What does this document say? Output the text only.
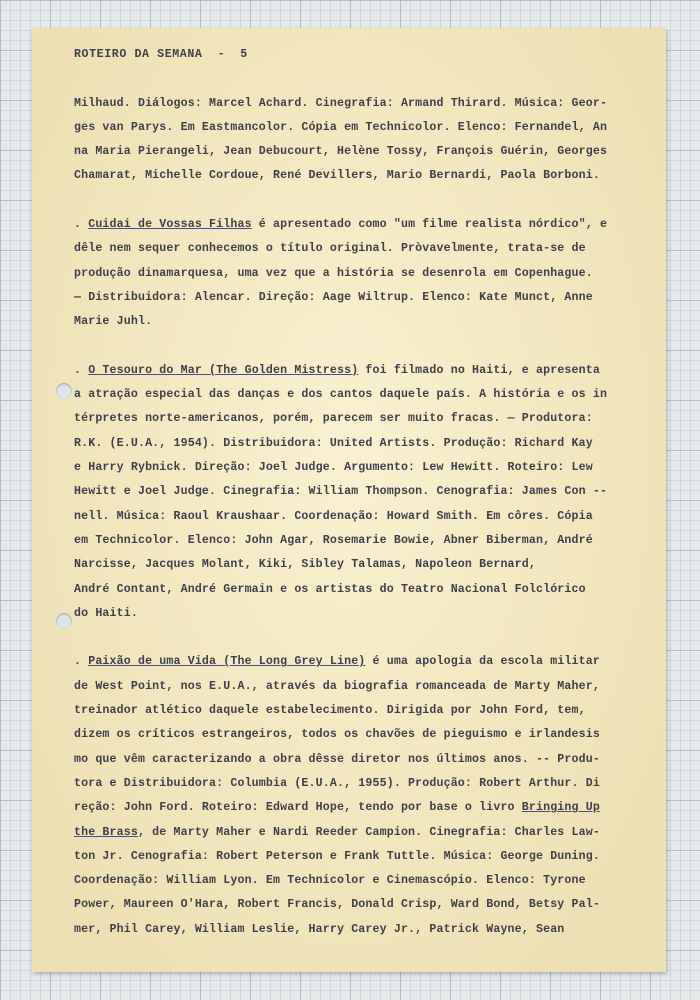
ROTEIRO DA SEMANA  -  5
Milhaud. Diálogos: Marcel Achard. Cinegrafia: Armand Thirard. Música: Geor-
ges van Parys. Em Eastmancolor. Cópia em Technicolor. Elenco: Fernandel, An
na Maria Pierangeli, Jean Debucourt, Helène Tossy, François Guérin, Georges
Chamarat, Michelle Cordoue, René Devillers, Mario Bernardi, Paola Borboni.
. Cuidai de Vossas Filhas é apresentado como "um filme realista nórdico", e
dêle nem sequer conhecemos o título original. Pròvavelmente, trata-se de
produção dinamarquesa, uma vez que a história se desenrola em Copenhague.
— Distribuidora: Alencar. Direção: Aage Wiltrup. Elenco: Kate Munct, Anne
Marie Juhl.
. O Tesouro do Mar (The Golden Mistress) foi filmado no Haiti, e apresenta
a atração especial das danças e dos cantos daquele país. A história e os in
térpretes norte-americanos, porém, parecem ser muito fracas. — Produtora:
R.K. (E.U.A., 1954). Distribuidora: United Artists. Produção: Richard Kay
e Harry Rybnick. Direção: Joel Judge. Argumento: Lew Hewitt. Roteiro: Lew
Hewitt e Joel Judge. Cinegrafia: William Thompson. Cenografia: James Con --
nell. Música: Raoul Kraushaar. Coordenação: Howard Smith. Em côres. Cópia
em Technicolor. Elenco: John Agar, Rosemarie Bowie, Abner Biberman, André
Narcisse, Jacques Molant, Kiki, Sibley Talamas, Napoleon Bernard,
André Contant, André Germain e os artistas do Teatro Nacional Folclórico
do Haiti.
. Paixão de uma Vida (The Long Grey Line) é uma apologia da escola militar
de West Point, nos E.U.A., através da biografia romanceada de Marty Maher,
treinador atlético daquele estabelecimento. Dirigida por John Ford, tem,
dizem os críticos estrangeiros, todos os chavões de pieguismo e irlandesis
mo que vêm caracterizando a obra dêsse diretor nos últimos anos. -- Produ-
tora e Distribuidora: Columbia (E.U.A., 1955). Produção: Robert Arthur. Di
reção: John Ford. Roteiro: Edward Hope, tendo por base o livro Bringing Up
the Brass, de Marty Maher e Nardi Reeder Campion. Cinegrafia: Charles Law-
ton Jr. Cenografia: Robert Peterson e Frank Tuttle. Música: George Duning.
Coordenação: William Lyon. Em Technicolor e Cinemascópio. Elenco: Tyrone
Power, Maureen O'Hara, Robert Francis, Donald Crisp, Ward Bond, Betsy Pal-
mer, Phil Carey, William Leslie, Harry Carey Jr., Patrick Wayne, Sean
